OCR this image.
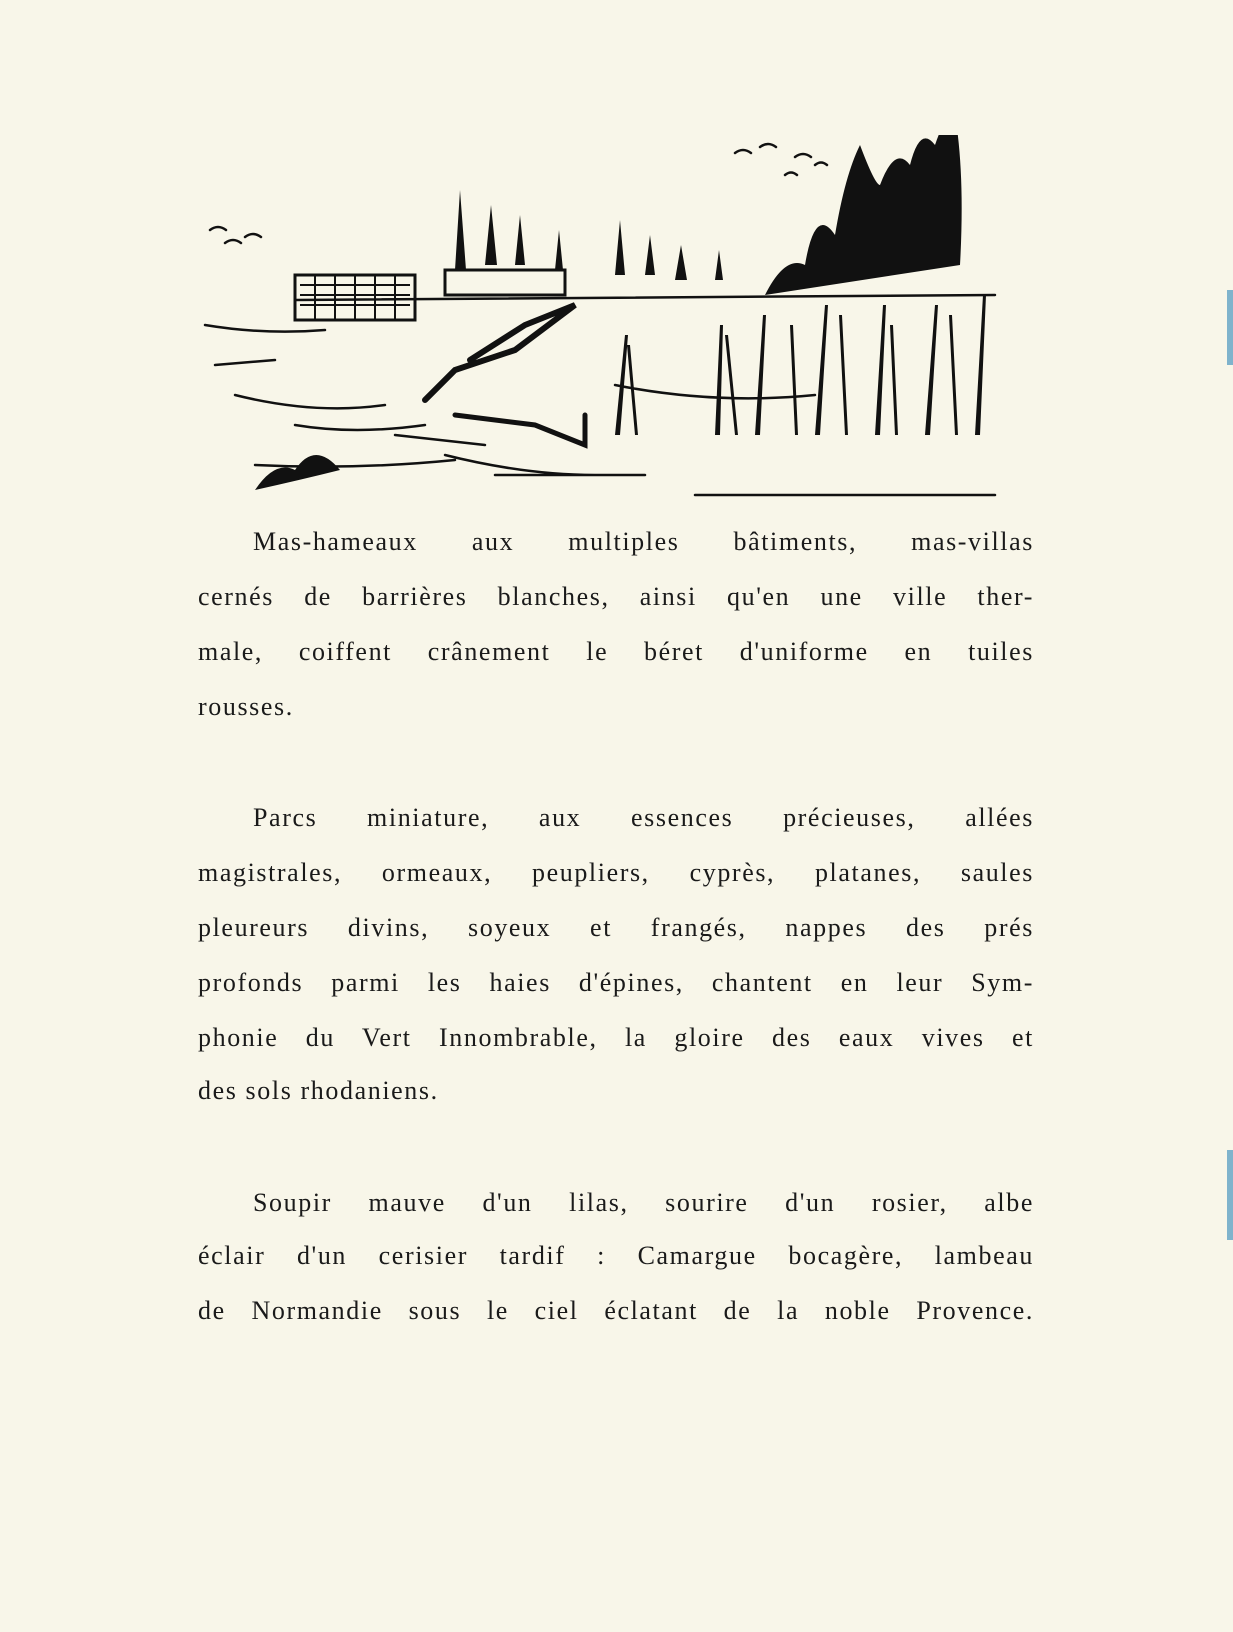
Mas-hameaux aux multiples bâtiments, mas-villas
cernés de barrières blanches, ainsi qu'en une ville ther-
male, coiffent crânement le béret d'uniforme en tuiles
rousses.
Parcs miniature, aux essences précieuses, allées
magistrales, ormeaux, peupliers, cyprès, platanes, saules
pleureurs divins, soyeux et frangés, nappes des prés
profonds parmi les haies d'épines, chantent en leur Sym-
phonie du Vert Innombrable, la gloire des eaux vives et
des sols rhodaniens.
Soupir mauve d'un lilas, sourire d'un rosier, albe
éclair d'un cerisier tardif : Camargue bocagère, lambeau
de Normandie sous le ciel éclatant de la noble Provence.
